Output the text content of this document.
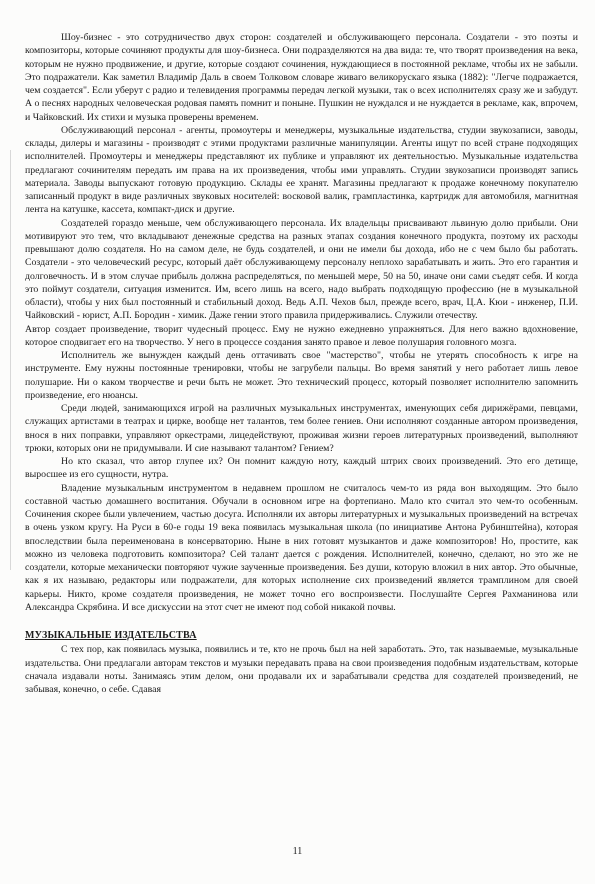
Шоу-бизнес - это сотрудничество двух сторон: создателей и обслуживающего персонала. Создатели - это поэты и композиторы, которые сочиняют продукты для шоу-бизнеса. Они подразделяются на два вида: те, что творят произведения на века, которым не нужно продвижение, и другие, которые создают сочинения, нуждающиеся в постоянной рекламе, чтобы их не забыли. Это подражатели. Как заметил Владимiр Даль в своем Толковом словаре живаго великорускаго языка (1882): "Легче подражается, чем создается". Если уберут с радио и телевидения программы передач легкой музыки, так о всех исполнителях сразу же и забудут. А о песнях народных человеческая родовая память помнит и поныне. Пушкин не нуждался и не нуждается в рекламе, как, впрочем, и Чайковский. Их стихи и музыка проверены временем.

Обслуживающий персонал - агенты, промоутеры и менеджеры, музыкальные издательства, студии звукозаписи, заводы, склады, дилеры и магазины - производят с этими продуктами различные манипуляции. Агенты ищут по всей стране подходящих исполнителей. Промоутеры и менеджеры представляют их публике и управляют их деятельностью. Музыкальные издательства предлагают сочинителям передать им права на их произведения, чтобы ими управлять. Студии звукозаписи производят запись материала. Заводы выпускают готовую продукцию. Склады ее хранят. Магазины предлагают к продаже конечному покупателю записанный продукт в виде различных звуковых носителей: восковой валик, грампластинка, картридж для автомобиля, магнитная лента на катушке, кассета, компакт-диск и другие.

Создателей гораздо меньше, чем обслуживающего персонала. Их владельцы присваивают львиную долю прибыли. Они мотивируют это тем, что вкладывают денежные средства на разных этапах создания конечного продукта, поэтому их расходы превышают долю создателя. Но на самом деле, не будь создателей, и они не имели бы дохода, ибо не с чем было бы работать. Создатели - это человеческий ресурс, который даёт обслуживающему персоналу неплохо зарабатывать и жить. Это его гарантия и долговечность. И в этом случае прибыль должна распределяться, по меньшей мере, 50 на 50, иначе они сами съедят себя. И когда это поймут создатели, ситуация изменится. Им, всего лишь на всего, надо выбрать подходящую профессию (не в музыкальной области), чтобы у них был постоянный и стабильный доход. Ведь А.П. Чехов был, прежде всего, врач, Ц.А. Кюи - инженер, П.И. Чайковский - юрист, А.П. Бородин - химик. Даже гении этого правила придерживались. Служили отечеству.

Автор создает произведение, творит чудесный процесс. Ему не нужно ежедневно упражняться. Для него важно вдохновение, которое сподвигает его на творчество. У него в процессе создания занято правое и левое полушария головного мозга.

Исполнитель же вынужден каждый день оттачивать свое "мастерство", чтобы не утерять способность к игре на инструменте. Ему нужны постоянные тренировки, чтобы не загрубели пальцы. Во время занятий у него работает лишь левое полушарие. Ни о каком творчестве и речи быть не может. Это технический процесс, который позволяет исполнителю запомнить произведение, его нюансы.

Среди людей, занимающихся игрой на различных музыкальных инструментах, именующих себя дирижёрами, певцами, служащих артистами в театрах и цирке, вообще нет талантов, тем более гениев. Они исполняют созданные автором произведения, внося в них поправки, управляют оркестрами, лицедействуют, проживая жизни героев литературных произведений, выполняют трюки, которых они не придумывали. И сие называют талантом? Гением?

Но кто сказал, что автор глупее их? Он помнит каждую ноту, каждый штрих своих произведений. Это его детище, выросшее из его сущности, нутра.

Владение музыкальным инструментом в недавнем прошлом не считалось чем-то из ряда вон выходящим. Это было составной частью домашнего воспитания. Обучали в основном игре на фортепиано. Мало кто считал это чем-то особенным. Сочинения скорее были увлечением, частью досуга. Исполняли их авторы литературных и музыкальных произведений на встречах в очень узком кругу. На Руси в 60-е годы 19 века появилась музыкальная школа (по инициативе Антона Рубинштейна), которая впоследствии была переименована в консерваторию. Ныне в них готовят музыкантов и даже композиторов! Но, простите, как можно из человека подготовить композитора? Сей талант дается с рождения. Исполнителей, конечно, сделают, но это же не создатели, которые механически повторяют чужие заученные произведения. Без души, которую вложил в них автор. Это обычные, как я их называю, редакторы или подражатели, для которых исполнение сих произведений является трамплином для своей карьеры. Никто, кроме создателя произведения, не может точно его воспроизвести. Послушайте Сергея Рахманинова или Александра Скрябина. И все дискуссии на этот счет не имеют под собой никакой почвы.

МУЗЫКАЛЬНЫЕ ИЗДАТЕЛЬСТВА

С тех пор, как появилась музыка, появились и те, кто не прочь был на ней заработать. Это, так называемые, музыкальные издательства. Они предлагали авторам текстов и музыки передавать права на свои произведения подобным издательствам, которые сначала издавали ноты. Занимаясь этим делом, они продавали их и зарабатывали средства для создателей произведений, не забывая, конечно, о себе. Сдавая

11
